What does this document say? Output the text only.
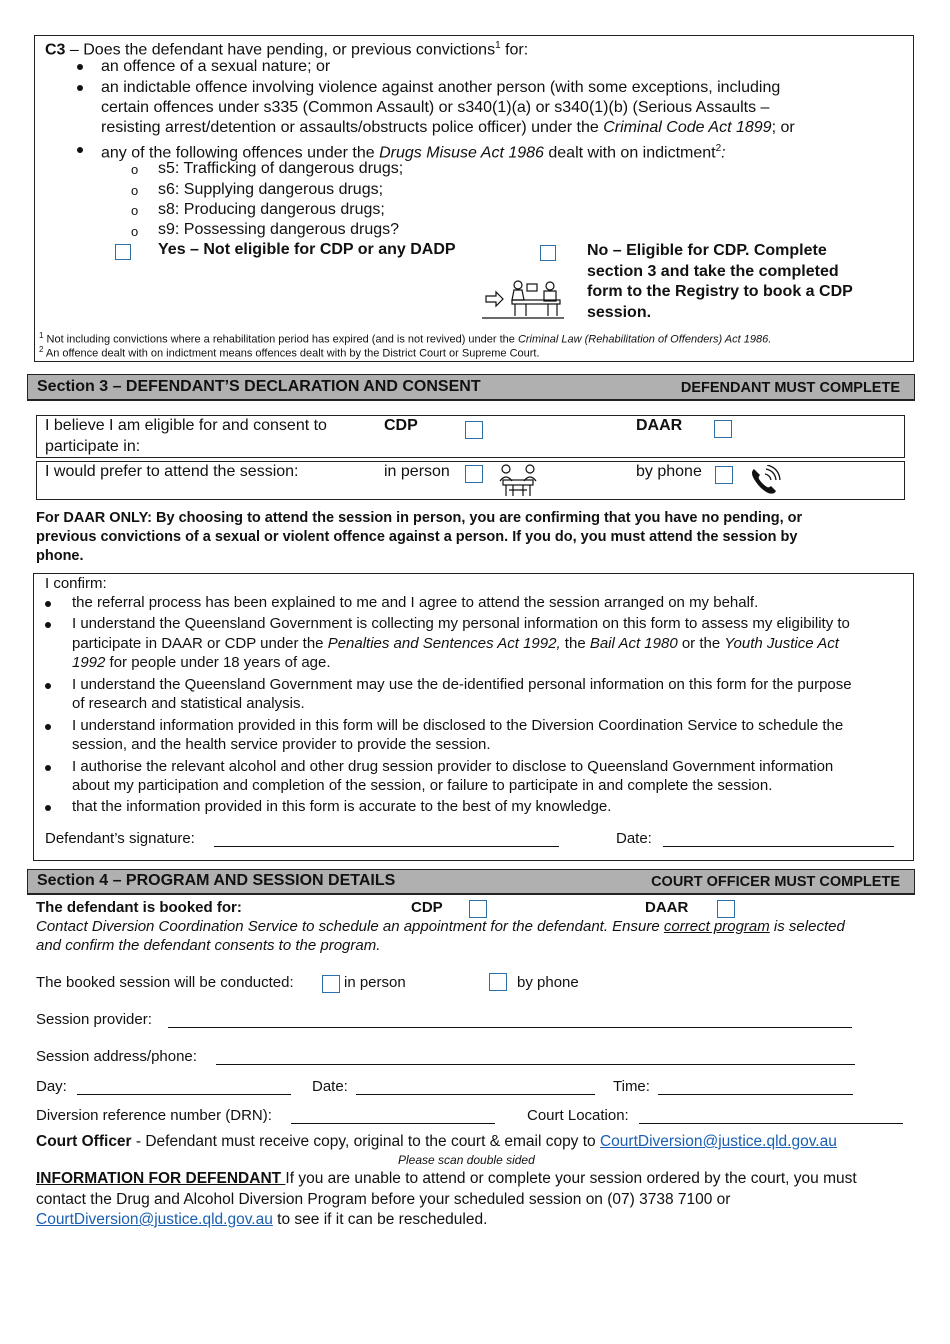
C3 – Does the defendant have pending, or previous convictions$^1$ for:
an offence of a sexual nature; or
an indictable offence involving violence against another person (with some exceptions, including
certain offences under s335 (Common Assault) or s340(1)(a) or s340(1)(b) (Serious Assaults –
resisting arrest/detention or assaults/obstructs police officer) under the Criminal Code Act 1899; or
any of the following offences under the Drugs Misuse Act 1986 dealt with on indictment$^2$:
o s5: Trafficking of dangerous drugs;
o s6: Supplying dangerous drugs;
o s8: Producing dangerous drugs;
o s9: Possessing dangerous drugs?
Yes – Not eligible for CDP or any DADP	No – Eligible for CDP. Complete
section 3 and take the completed
form to the Registry to book a CDP
session.
$^1$ Not including convictions where a rehabilitation period has expired (and is not revived) under the Criminal Law (Rehabilitation of Offenders) Act 1986.
$^2$ An offence dealt with on indictment means offences dealt with by the District Court or Supreme Court.
Section 3 – DEFENDANT’S DECLARATION AND CONSENT	DEFENDANT MUST COMPLETE
I believe I am eligible for and consent to
participate in:
CDP	DAAR
I would prefer to attend the session:	in person	by phone
For DAAR ONLY: By choosing to attend the session in person, you are confirming that you have no pending, or
previous convictions of a sexual or violent offence against a person. If you do, you must attend the session by
phone.
I confirm:
the referral process has been explained to me and I agree to attend the session arranged on my behalf.
I understand the Queensland Government is collecting my personal information on this form to assess my eligibility to
participate in DAAR or CDP under the Penalties and Sentences Act 1992, the Bail Act 1980 or the Youth Justice Act
1992 for people under 18 years of age.
I understand the Queensland Government may use the de-identified personal information on this form for the purpose
of research and statistical analysis.
I understand information provided in this form will be disclosed to the Diversion Coordination Service to schedule the
session, and the health service provider to provide the session.
I authorise the relevant alcohol and other drug session provider to disclose to Queensland Government information
about my participation and completion of the session, or failure to participate in and complete the session.
that the information provided in this form is accurate to the best of my knowledge.
Defendant’s signature:	Date:
Section 4 – PROGRAM AND SESSION DETAILS	COURT OFFICER MUST COMPLETE
The defendant is booked for:	CDP	DAAR
Contact Diversion Coordination Service to schedule an appointment for the defendant. Ensure correct program is selected
and confirm the defendant consents to the program.
The booked session will be conducted:	in person	by phone
Session provider:
Session address/phone:
Day:	Date:	Time:
Diversion reference number (DRN):	Court Location:
Court Officer - Defendant must receive copy, original to the court & email copy to CourtDiversion@justice.qld.gov.au
Please scan double sided
INFORMATION FOR DEFENDANT If you are unable to attend or complete your session ordered by the court, you must
contact the Drug and Alcohol Diversion Program before your scheduled session on (07) 3738 7100 or
CourtDiversion@justice.qld.gov.au to see if it can be rescheduled.
